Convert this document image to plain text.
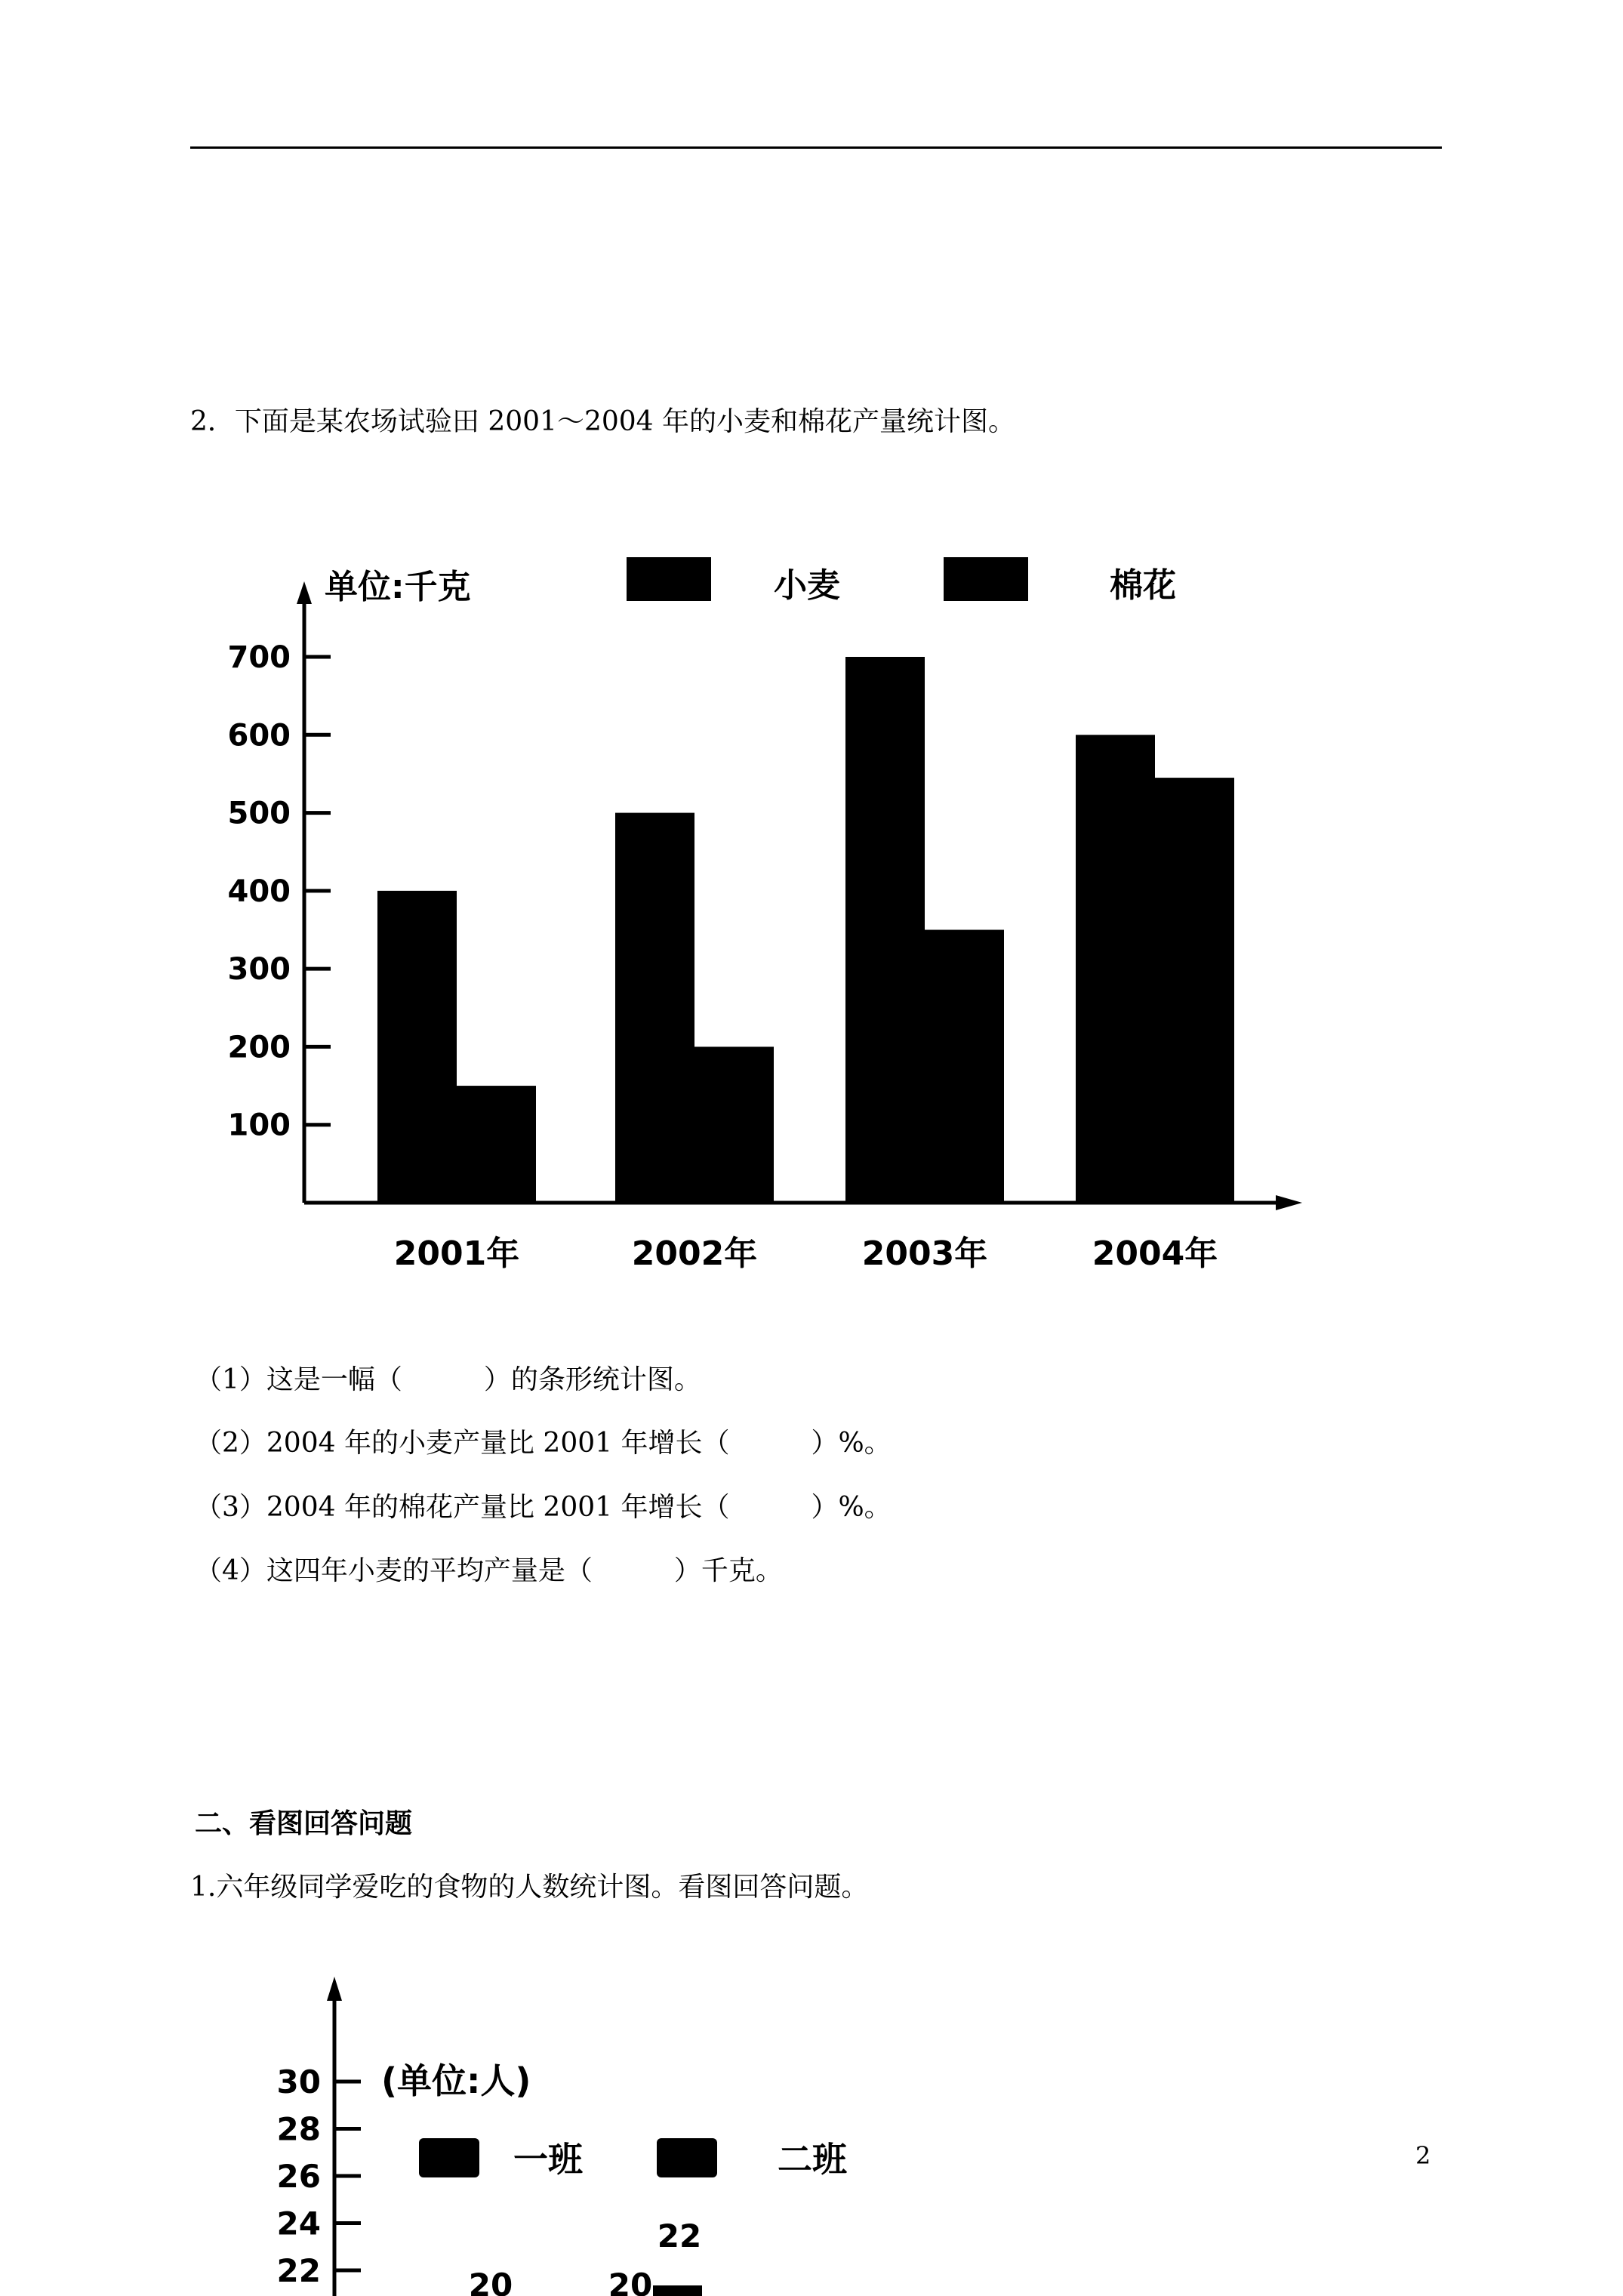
2．下面是某农场试验田 2001～2004 年的小麦和棉花产量统计图。
100
200
300
400
500
600
700
单位:千克	小麦	棉花
2001年	2002年	2003年	2004年
（1）这是一幅（　　　）的条形统计图。
（2）2004 年的小麦产量比 2001 年增长（　　　）%。
（3）2004 年的棉花产量比 2001 年增长（　　　）%。
（4）这四年小麦的平均产量是（　　　）千克。
二、看图回答问题
1.六年级同学爱吃的食物的人数统计图。看图回答问题。
22
24
26
28
30 (单位:人)
一班	二班
20	20
22
2
